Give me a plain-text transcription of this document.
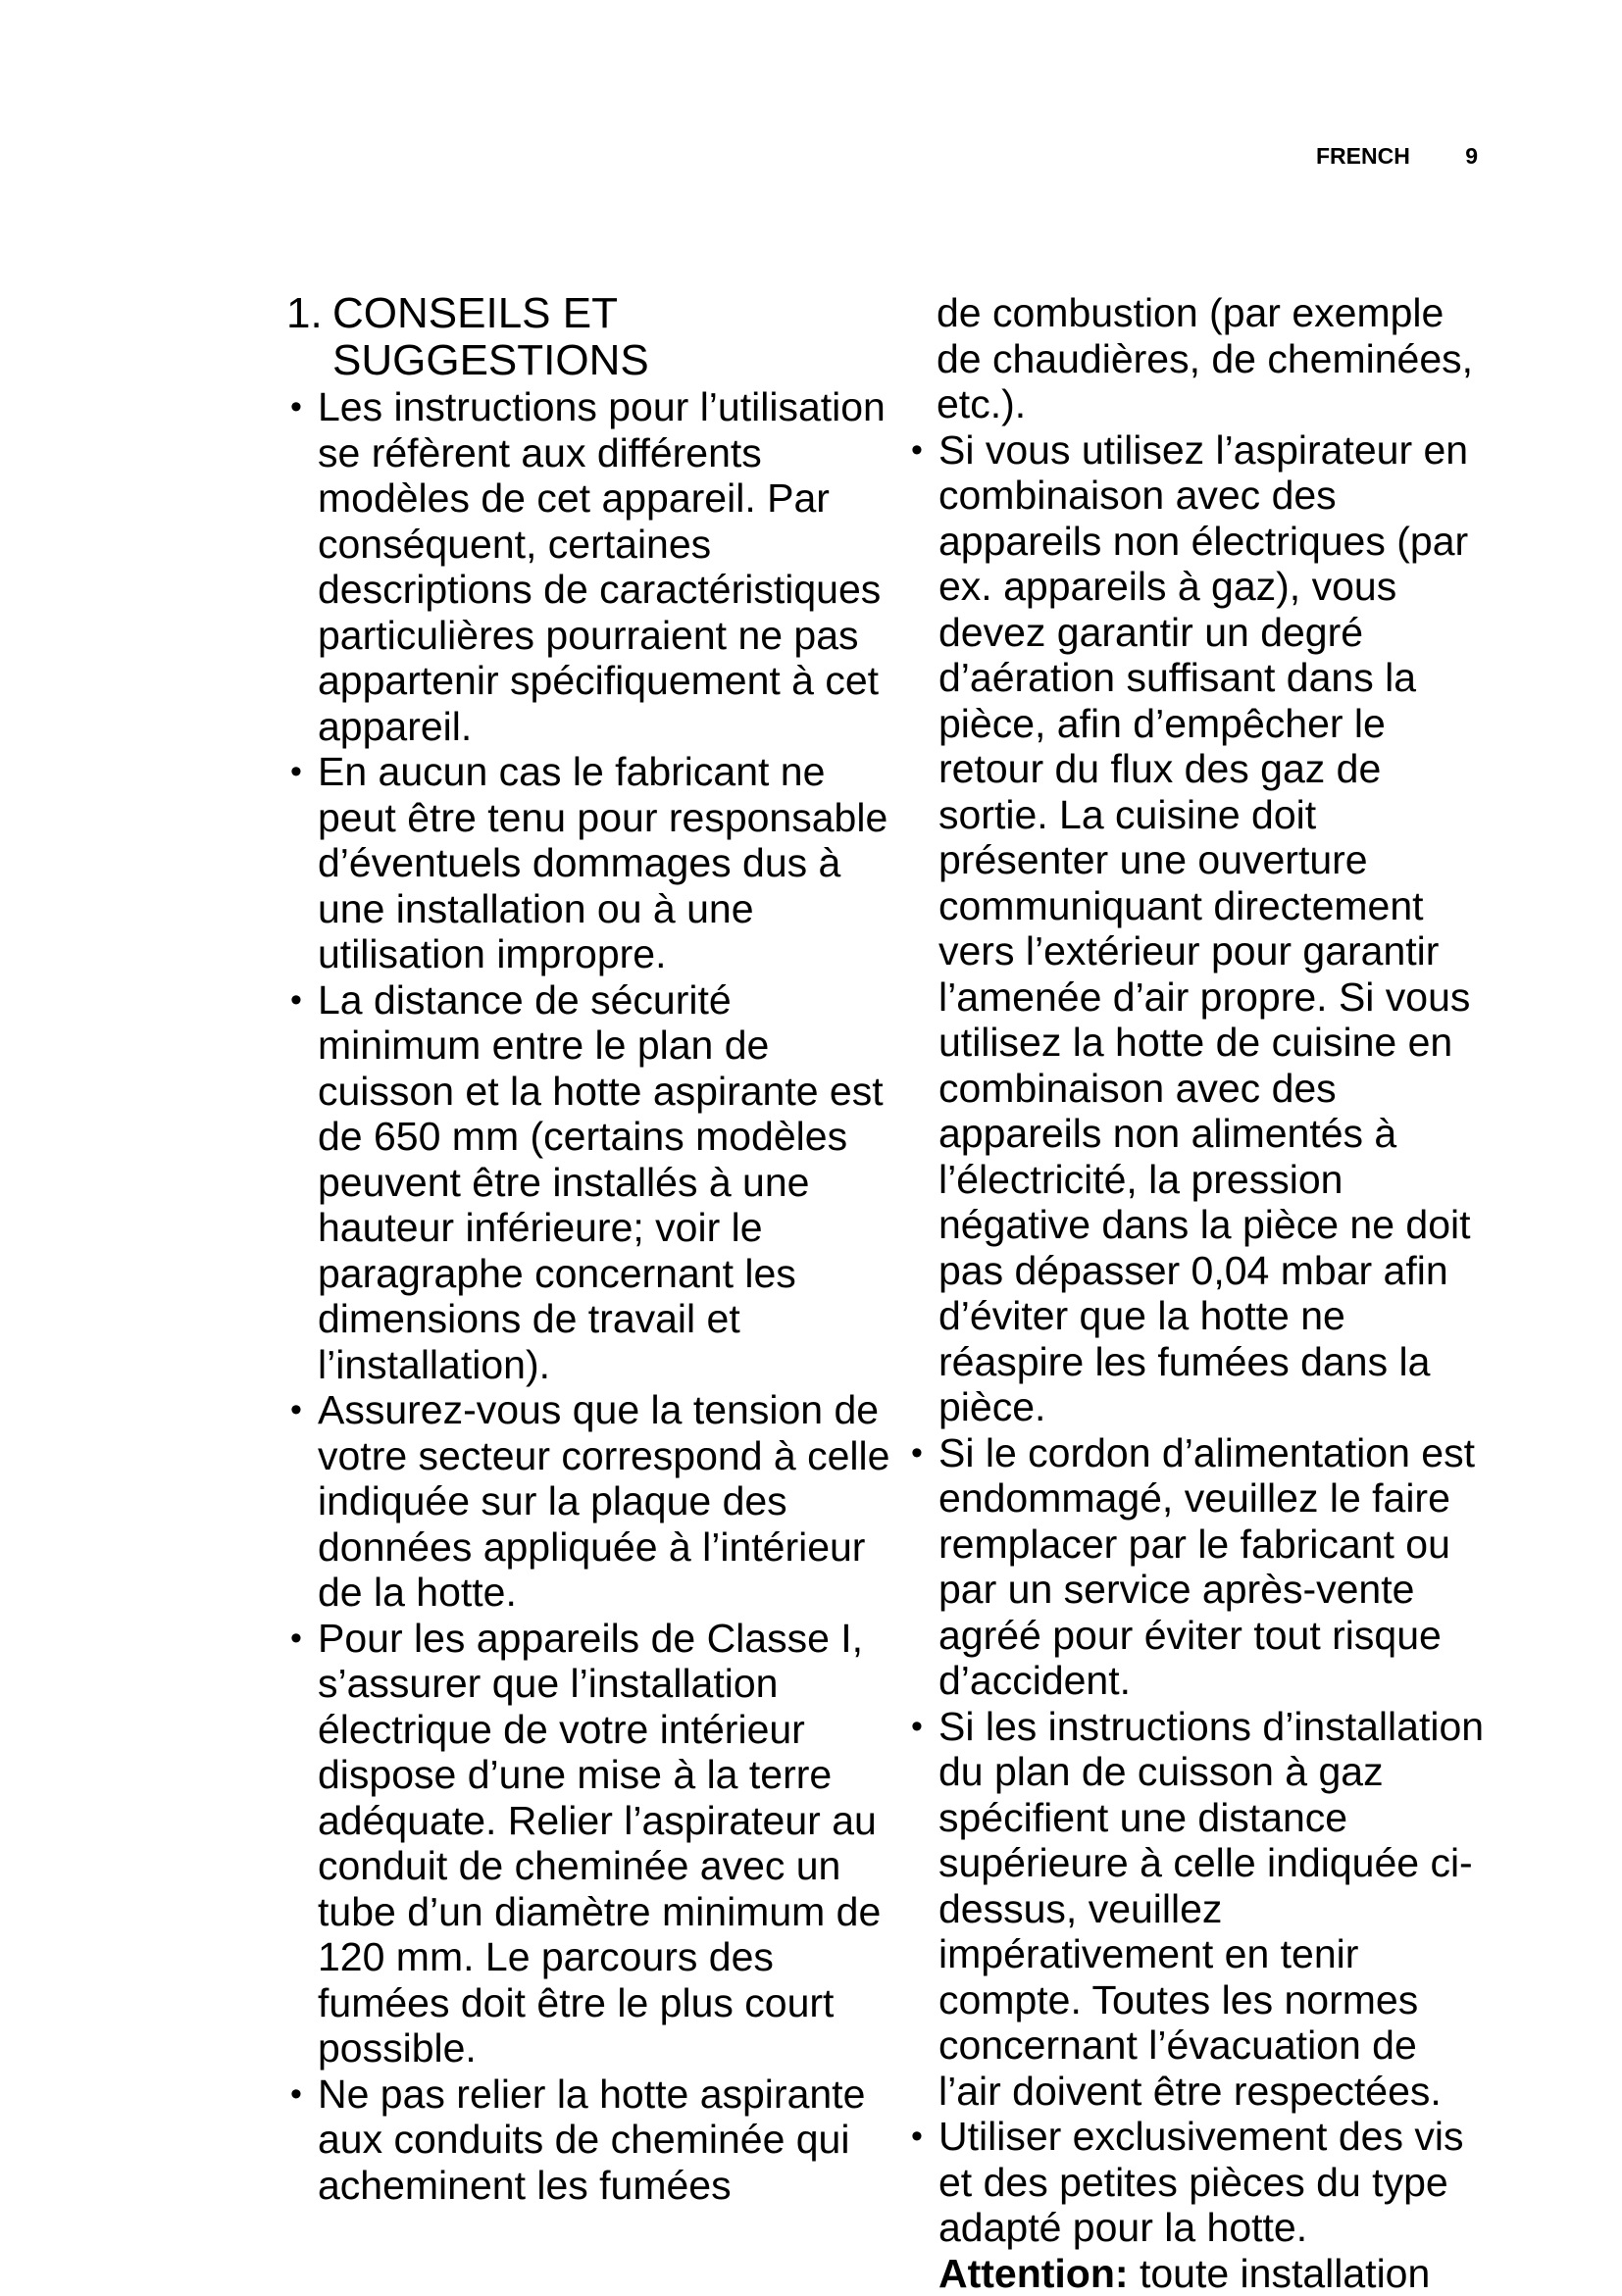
FRENCH 9
1. CONSEILS ET SUGGESTIONS
• Les instructions pour l’utilisation se réfèrent aux différents modèles de cet appareil. Par conséquent, certaines descriptions de caractéristiques particulières pourraient ne pas appartenir spécifiquement à cet appareil.
• En aucun cas le fabricant ne peut être tenu pour responsable d’éventuels dommages dus à une installation ou à une utilisation impropre.
• La distance de sécurité minimum entre le plan de cuisson et la hotte aspirante est de 650 mm (certains modèles peuvent être installés à une hauteur inférieure; voir le paragraphe concernant les dimensions de travail et l’installation).
• Assurez-vous que la tension de votre secteur correspond à celle indiquée sur la plaque des données appliquée à l’intérieur de la hotte.
• Pour les appareils de Classe I, s’assurer que l’installation électrique de votre intérieur dispose d’une mise à la terre adéquate. Relier l’aspirateur au conduit de cheminée avec un tube d’un diamètre minimum de 120 mm. Le parcours des fumées doit être le plus court possible.
• Ne pas relier la hotte aspirante aux conduits de cheminée qui acheminent les fumées

de combustion (par exemple de chaudières, de cheminées, etc.).

• Si vous utilisez l’aspirateur en combinaison avec des appareils non électriques (par ex. appareils à gaz), vous devez garantir un degré d’aération suffisant dans la pièce, afin d’empêcher le retour du flux des gaz de sortie. La cuisine doit présenter une ouverture communiquant directement vers l’extérieur pour garantir l’amenée d’air propre. Si vous utilisez la hotte de cuisine en combinaison avec des appareils non alimentés à l’électricité, la pression négative dans la pièce ne doit pas dépasser 0,04 mbar afin d’éviter que la hotte ne réaspire les fumées dans la pièce.
• Si le cordon d’alimentation est endommagé, veuillez le faire remplacer par le fabricant ou par un service après-vente agréé pour éviter tout risque d’accident.
• Si les instructions d’installation du plan de cuisson à gaz spécifient une distance supérieure à celle indiquée ci-dessus, veuillez impérativement en tenir compte. Toutes les normes concernant l’évacuation de l’air doivent être respectées.
• Utiliser exclusivement des vis et des petites pièces du type adapté pour la hotte.
Attention: toute installation
